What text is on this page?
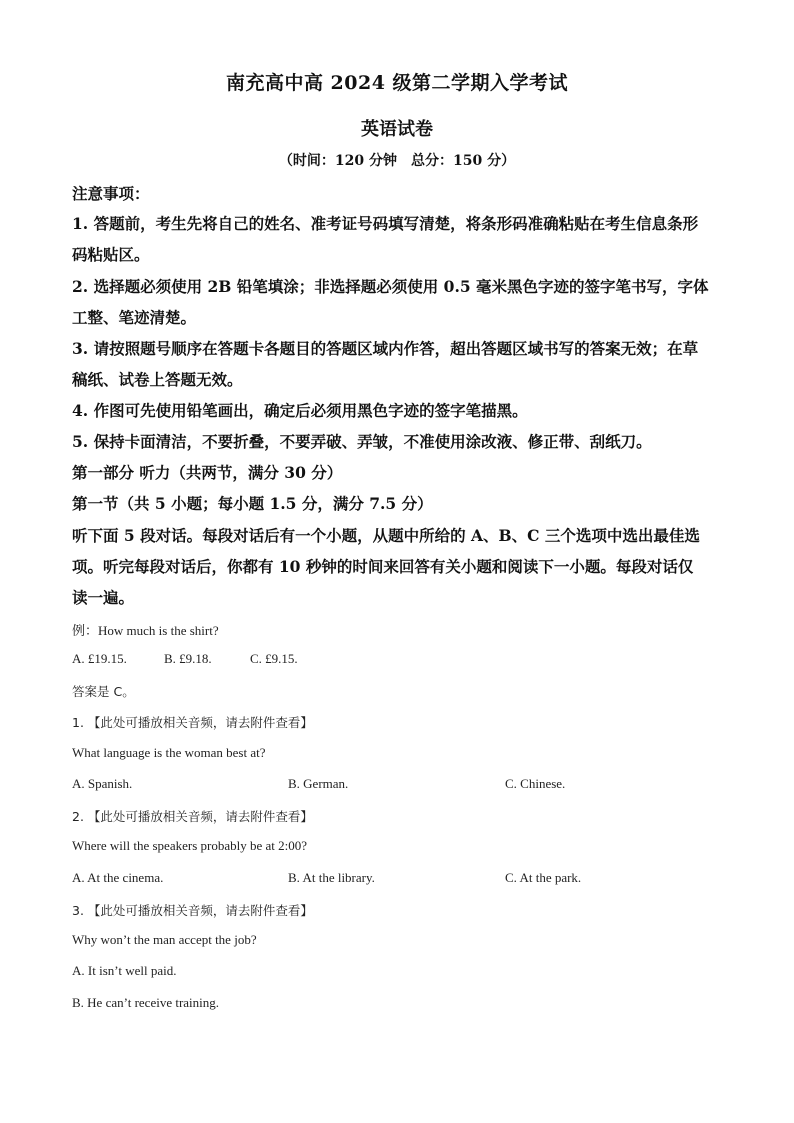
南充高中高 2024 级第二学期入学考试
英语试卷
（时间：120 分钟　总分：150 分）
注意事项：
1. 答题前，考生先将自己的姓名、准考证号码填写清楚，将条形码准确粘贴在考生信息条形
码粘贴区。
2. 选择题必须使用 2B 铅笔填涂；非选择题必须使用 0.5 毫米黑色字迹的签字笔书写，字体
工整、笔迹清楚。
3. 请按照题号顺序在答题卡各题目的答题区域内作答，超出答题区域书写的答案无效；在草
稿纸、试卷上答题无效。
4. 作图可先使用铅笔画出，确定后必须用黑色字迹的签字笔描黑。
5. 保持卡面清洁，不要折叠，不要弄破、弄皱，不准使用涂改液、修正带、刮纸刀。
第一部分 听力（共两节，满分 30 分）
第一节（共 5 小题；每小题 1.5 分，满分 7.5 分）
听下面 5 段对话。每段对话后有一个小题，从题中所给的 A、B、C 三个选项中选出最佳选
项。听完每段对话后，你都有 10 秒钟的时间来回答有关小题和阅读下一小题。每段对话仅
读一遍。
例：How much is the shirt?
A. £19.15.	B. £9.18.	C. £9.15.
答案是 C。
1. 【此处可播放相关音频，请去附件查看】
What language is the woman best at?
A. Spanish.	B. German.	C. Chinese.
2. 【此处可播放相关音频，请去附件查看】
Where will the speakers probably be at 2:00?
A. At the cinema.	B. At the library.	C. At the park.
3. 【此处可播放相关音频，请去附件查看】
Why won’t the man accept the job?
A. It isn’t well paid.
B. He can’t receive training.
